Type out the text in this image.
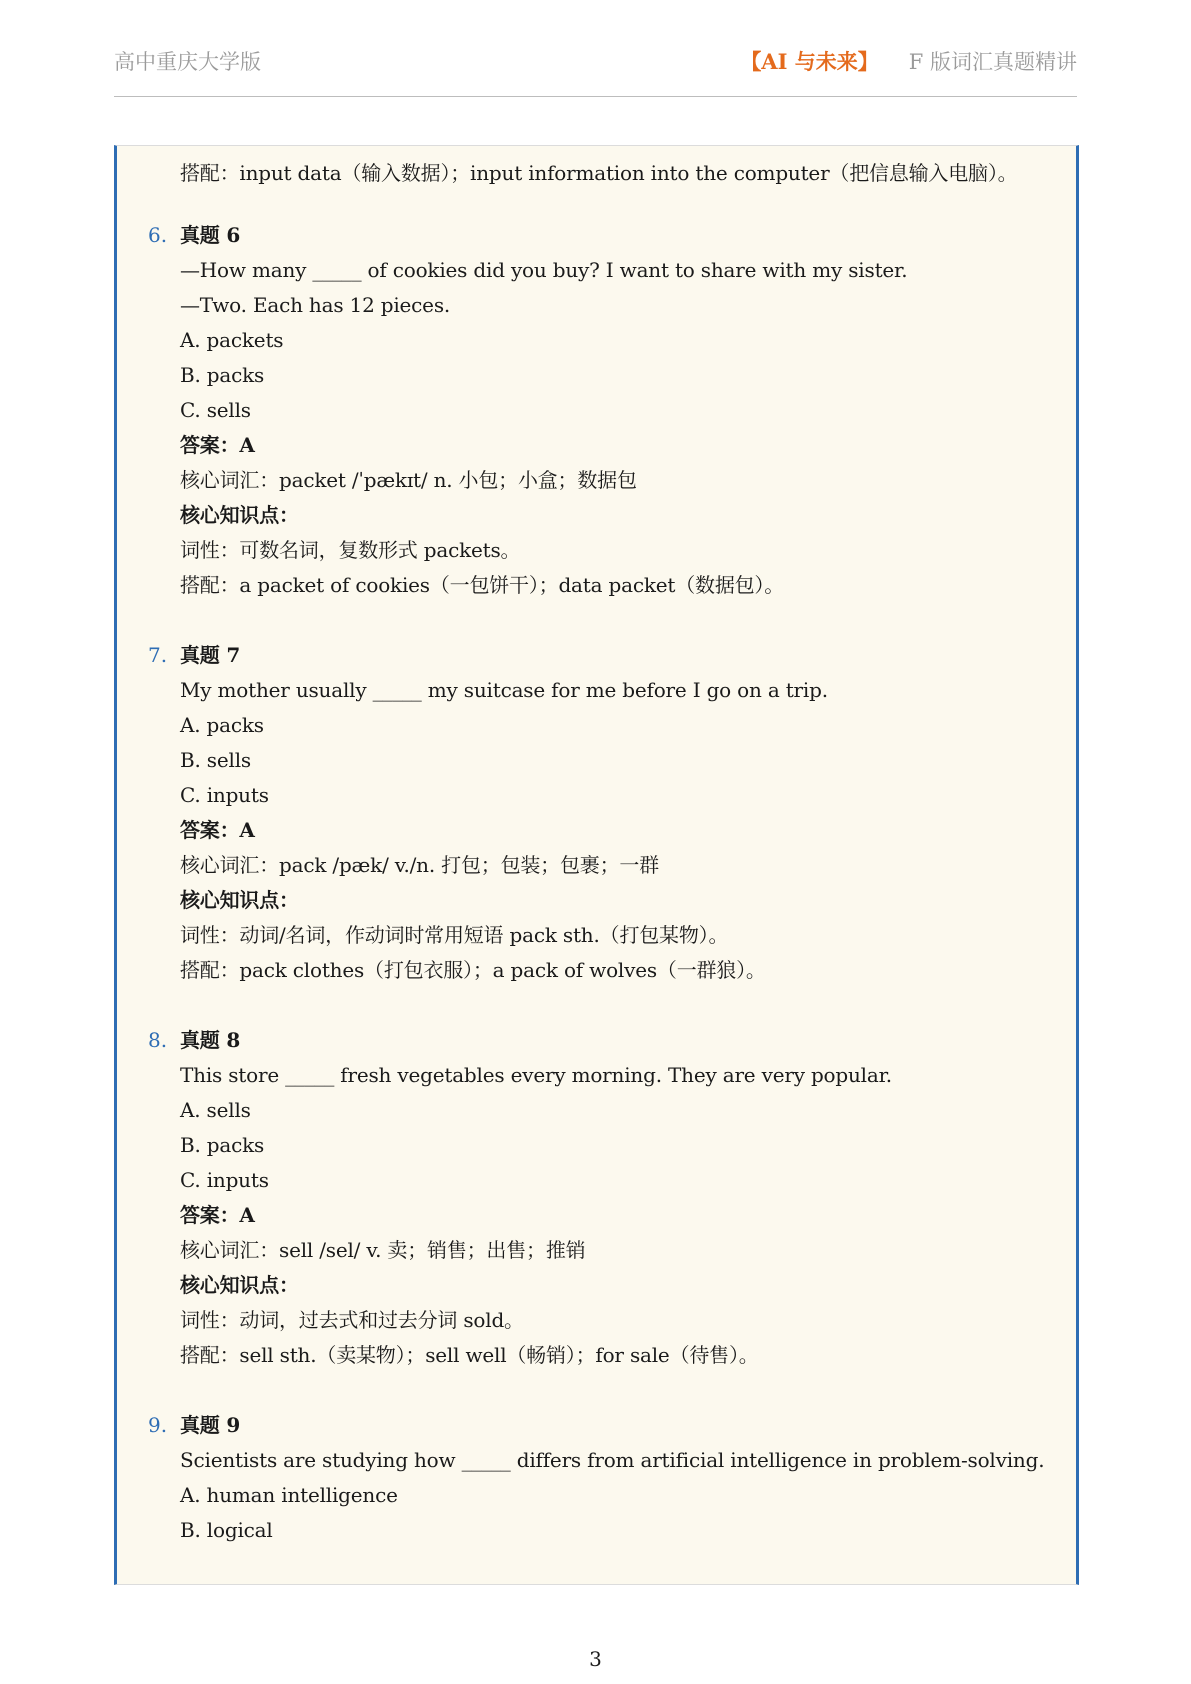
高中重庆大学版	【AI 与未来】 F 版词汇真题精讲
搭配：input data（输入数据）；input information into the computer（把信息输入电脑）。
6. 真题 6
—How many _____ of cookies did you buy? I want to share with my sister.
—Two. Each has 12 pieces.
A. packets
B. packs
C. sells
答案：A
核心词汇：packet /ˈpækɪt/ n. 小包；小盒；数据包
核心知识点：
词性：可数名词，复数形式 packets。
搭配：a packet of cookies（一包饼干）；data packet（数据包）。
7. 真题 7
My mother usually _____ my suitcase for me before I go on a trip.
A. packs
B. sells
C. inputs
答案：A
核心词汇：pack /pæk/ v./n. 打包；包装；包裹；一群
核心知识点：
词性：动词/名词，作动词时常用短语 pack sth.（打包某物）。
搭配：pack clothes（打包衣服）；a pack of wolves（一群狼）。
8. 真题 8
This store _____ fresh vegetables every morning. They are very popular.
A. sells
B. packs
C. inputs
答案：A
核心词汇：sell /sel/ v. 卖；销售；出售；推销
核心知识点：
词性：动词，过去式和过去分词 sold。
搭配：sell sth.（卖某物）；sell well（畅销）；for sale（待售）。
9. 真题 9
Scientists are studying how _____ differs from artificial intelligence in problem-solving.
A. human intelligence
B. logical
3
